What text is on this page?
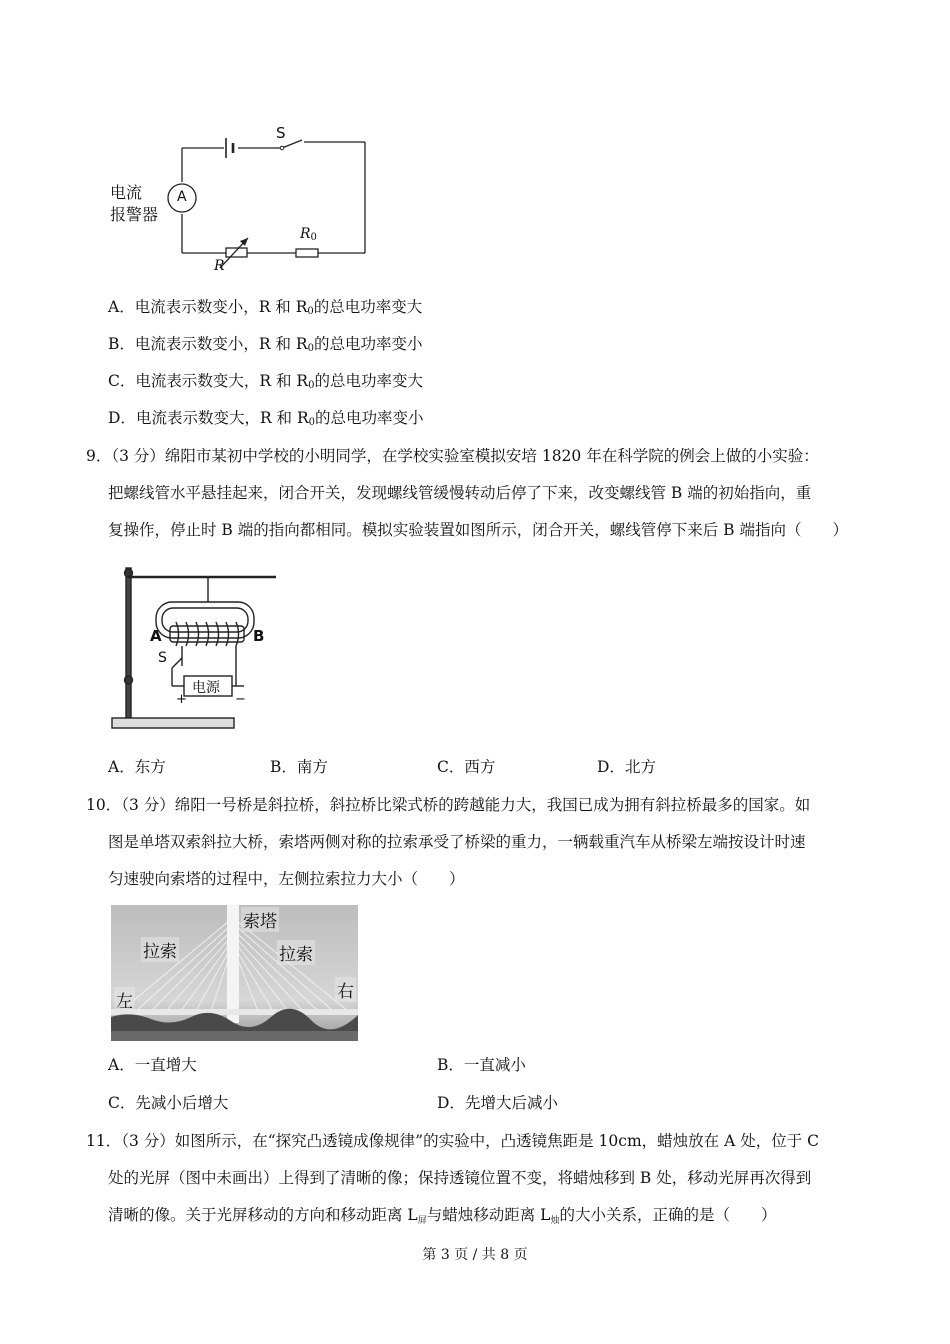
S
电流
报警器
A
R
$R_0$
A．电流表示数变小，R 和 $R_0$的总电功率变大
B．电流表示数变小，R 和 $R_0$的总电功率变小
C．电流表示数变大，R 和 $R_0$的总电功率变大
D．电流表示数变大，R 和 $R_0$的总电功率变小
9．（3 分）绵阳市某初中学校的小明同学，在学校实验室模拟安培 1820 年在科学院的例会上做的小实验：
把螺线管水平悬挂起来，闭合开关，发现螺线管缓慢转动后停了下来，改变螺线管 B 端的初始指向，重
复操作，停止时 B 端的指向都相同。模拟实验装置如图所示，闭合开关，螺线管停下来后 B 端指向（　　）
A	B
S
电源
+	−
A．东方	B．南方	C．西方	D．北方
10．（3 分）绵阳一号桥是斜拉桥，斜拉桥比梁式桥的跨越能力大，我国已成为拥有斜拉桥最多的国家。如
图是单塔双索斜拉大桥，索塔两侧对称的拉索承受了桥梁的重力，一辆载重汽车从桥梁左端按设计时速
匀速驶向索塔的过程中，左侧拉索拉力大小（　　）
索塔
拉索	拉索
左	右
A．一直增大	B．一直减小
C．先减小后增大	D．先增大后减小
11．（3 分）如图所示，在“探究凸透镜成像规律”的实验中，凸透镜焦距是 10cm，蜡烛放在 A 处，位于 C
处的光屏（图中未画出）上得到了清晰的像；保持透镜位置不变，将蜡烛移到 B 处，移动光屏再次得到
清晰的像。关于光屏移动的方向和移动距离 L屏与蜡烛移动距离 L烛的大小关系，正确的是（　　）
第 3 页 / 共 8 页
